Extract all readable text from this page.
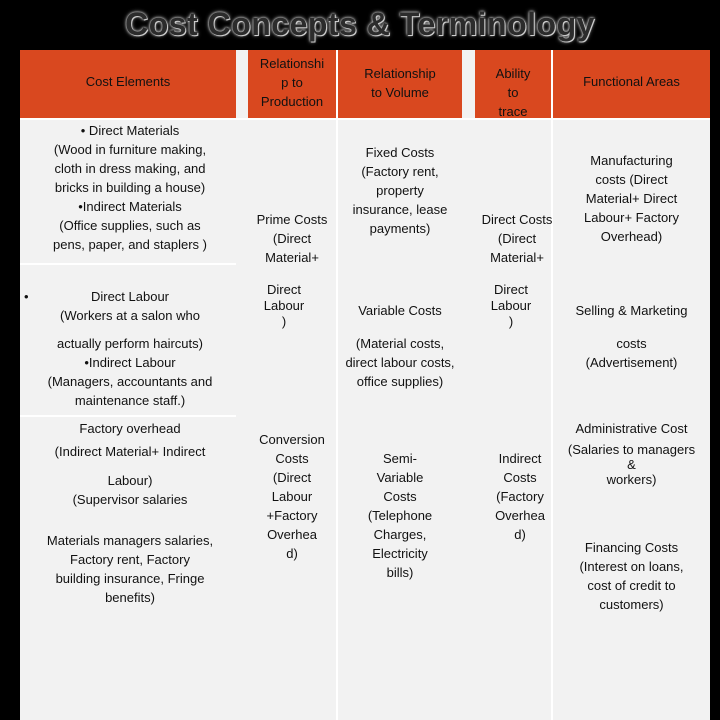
Cost Concepts & Terminology
Cost Elements
Relationshi
p to
Production
Relationship
to Volume
Ability
to
trace
Functional Areas
• Direct Materials
(Wood in furniture making,
cloth in dress making, and
bricks in building a house)
•Indirect Materials
(Office supplies, such as
pens, paper, and staplers )
•	Direct Labour
(Workers at a salon who
actually perform haircuts)
•Indirect Labour
(Managers, accountants and
maintenance staff.)
Factory overhead
(Indirect Material+ Indirect
Labour)
(Supervisor salaries
Materials managers salaries,
Factory rent, Factory
building insurance, Fringe
benefits)
Prime Costs
(Direct
Material+
Direct
Labour
)
Conversion
Costs
(Direct
Labour
+Factory
Overhea
d)
Fixed Costs
(Factory rent,
property
insurance, lease
payments)
Variable Costs
(Material costs,
direct labour costs,
office supplies)
Semi-
Variable
Costs
(Telephone
Charges,
Electricity
bills)
Direct Costs
(Direct
Material+
Direct
Labour
)
Indirect
Costs
(Factory
Overhea
d)
Manufacturing
costs (Direct
Material+ Direct
Labour+ Factory
Overhead)
Selling & Marketing
costs
(Advertisement)
Administrative Cost
(Salaries to managers
&
workers)
Financing Costs
(Interest on loans,
cost of credit to
customers)
